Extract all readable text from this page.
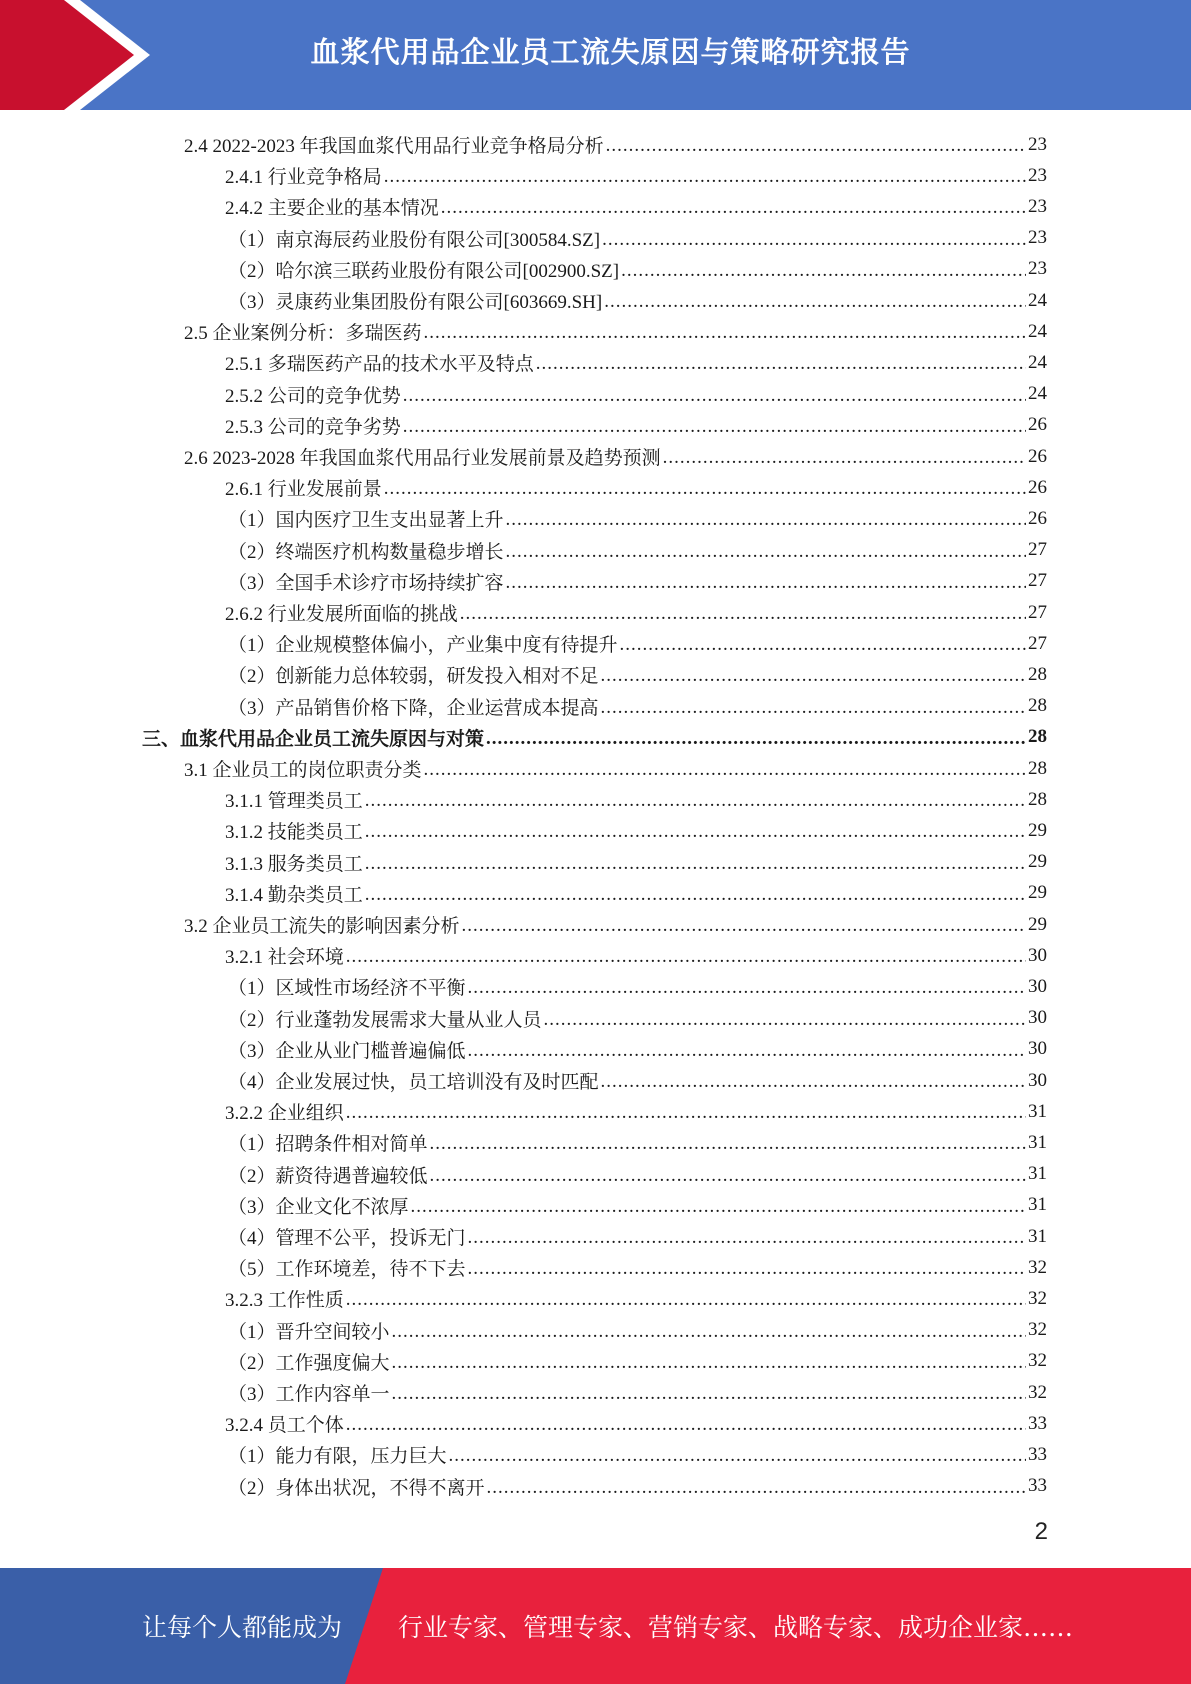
血浆代用品企业员工流失原因与策略研究报告
2.4 2022-2023 年我国血浆代用品行业竞争格局分析 .....	23
2.4.1 行业竞争格局 .....	23
2.4.2 主要企业的基本情况 .....	23
（1）南京海辰药业股份有限公司[300584.SZ] .....	23
（2）哈尔滨三联药业股份有限公司[002900.SZ] .....	23
（3）灵康药业集团股份有限公司[603669.SH] .....	24
2.5 企业案例分析：多瑞医药 .....	24
2.5.1 多瑞医药产品的技术水平及特点 .....	24
2.5.2 公司的竞争优势 .....	24
2.5.3 公司的竞争劣势 .....	26
2.6 2023-2028 年我国血浆代用品行业发展前景及趋势预测 .....	26
2.6.1 行业发展前景 .....	26
（1）国内医疗卫生支出显著上升 .....	26
（2）终端医疗机构数量稳步增长 .....	27
（3）全国手术诊疗市场持续扩容 .....	27
2.6.2 行业发展所面临的挑战 .....	27
（1）企业规模整体偏小，产业集中度有待提升 .....	27
（2）创新能力总体较弱，研发投入相对不足 .....	28
（3）产品销售价格下降，企业运营成本提高 .....	28
三、血浆代用品企业员工流失原因与对策 .....	28
3.1 企业员工的岗位职责分类 .....	28
3.1.1 管理类员工 .....	28
3.1.2 技能类员工 .....	29
3.1.3 服务类员工 .....	29
3.1.4 勤杂类员工 .....	29
3.2 企业员工流失的影响因素分析 .....	29
3.2.1 社会环境 .....	30
（1）区域性市场经济不平衡 .....	30
（2）行业蓬勃发展需求大量从业人员 .....	30
（3）企业从业门槛普遍偏低 .....	30
（4）企业发展过快，员工培训没有及时匹配 .....	30
3.2.2 企业组织 .....	31
（1）招聘条件相对简单 .....	31
（2）薪资待遇普遍较低 .....	31
（3）企业文化不浓厚 .....	31
（4）管理不公平，投诉无门 .....	31
（5）工作环境差，待不下去 .....	32
3.2.3 工作性质 .....	32
（1）晋升空间较小 .....	32
（2）工作强度偏大 .....	32
（3）工作内容单一 .....	32
3.2.4 员工个体 .....	33
（1）能力有限，压力巨大 .....	33
（2）身体出状况，不得不离开 .....	33
2
让每个人都能成为 行业专家、管理专家、营销专家、战略专家、成功企业家……
